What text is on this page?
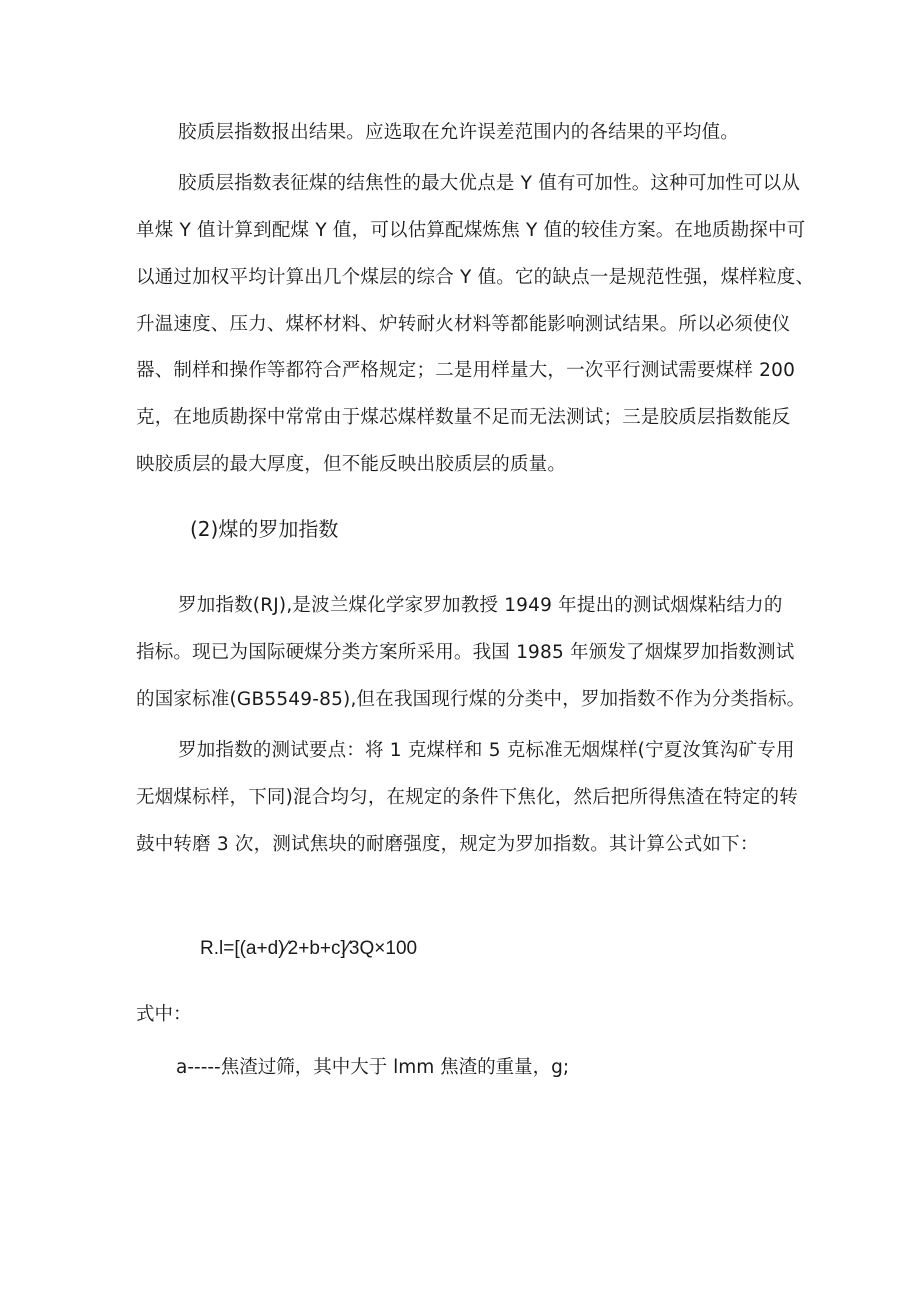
胶质层指数报出结果。应选取在允许误差范围内的各结果的平均值。
胶质层指数表征煤的结焦性的最大优点是 Y 值有可加性。这种可加性可以从
单煤 Y 值计算到配煤 Y 值，可以估算配煤炼焦 Y 值的较佳方案。在地质勘探中可
以通过加权平均计算出几个煤层的综合 Y 值。它的缺点一是规范性强，煤样粒度、
升温速度、压力、煤杯材料、炉转耐火材料等都能影响测试结果。所以必须使仪
器、制样和操作等都符合严格规定；二是用样量大，一次平行测试需要煤样 200
克，在地质勘探中常常由于煤芯煤样数量不足而无法测试；三是胶质层指数能反
映胶质层的最大厚度，但不能反映出胶质层的质量。
(2)煤的罗加指数
罗加指数(RJ),是波兰煤化学家罗加教授 1949 年提出的测试烟煤粘结力的
指标。现已为国际硬煤分类方案所采用。我国 1985 年颁发了烟煤罗加指数测试
的国家标准(GB5549-85),但在我国现行煤的分类中，罗加指数不作为分类指标。
罗加指数的测试要点：将 1 克煤样和 5 克标准无烟煤样(宁夏汝箕沟矿专用
无烟煤标样，下同)混合均匀，在规定的条件下焦化，然后把所得焦渣在特定的转
鼓中转磨 3 次，测试焦块的耐磨强度，规定为罗加指数。其计算公式如下：
R.l=[(a+d)⁄2+b+c]⁄3Q×100
式中：
a-----焦渣过筛，其中大于 lmm 焦渣的重量，g;
